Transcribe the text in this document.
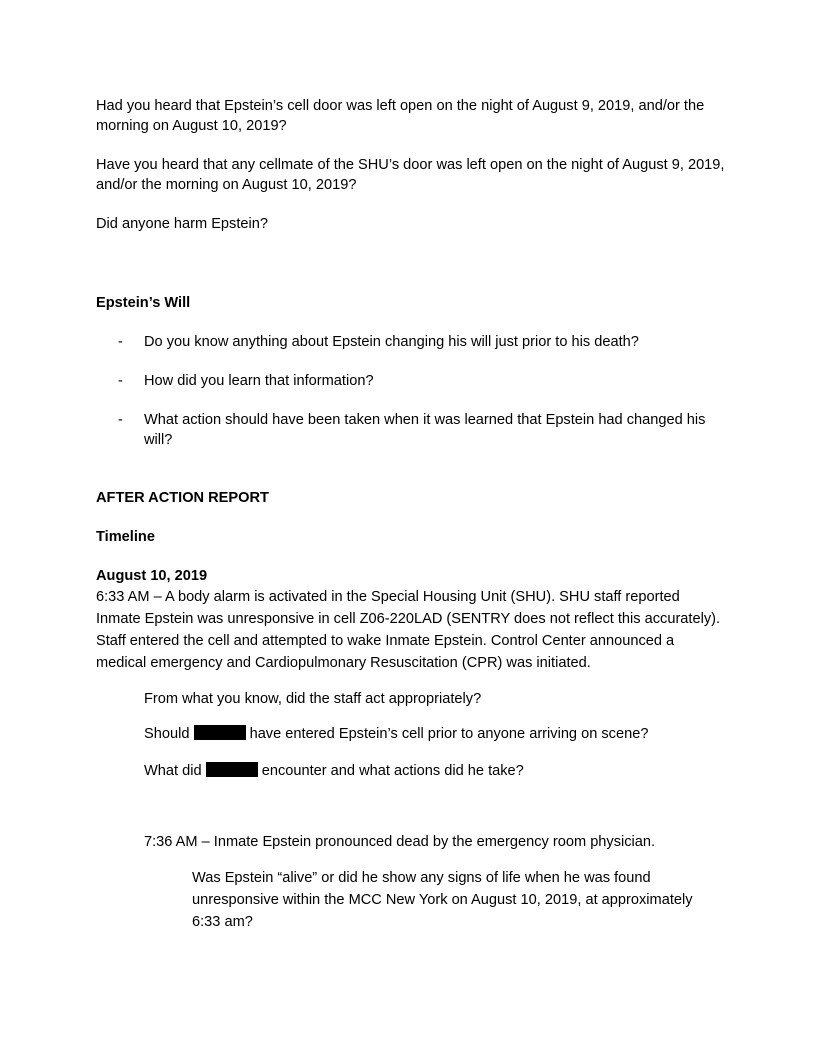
Had you heard that Epstein’s cell door was left open on the night of August 9, 2019, and/or the morning on August 10, 2019?

Have you heard that any cellmate of the SHU’s door was left open on the night of August 9, 2019, and/or the morning on August 10, 2019?

Did anyone harm Epstein?

Epstein’s Will

- Do you know anything about Epstein changing his will just prior to his death?
- How did you learn that information?
- What action should have been taken when it was learned that Epstein had changed his will?

AFTER ACTION REPORT

Timeline

August 10, 2019

6:33 AM – A body alarm is activated in the Special Housing Unit (SHU). SHU staff reported Inmate Epstein was unresponsive in cell Z06-220LAD (SENTRY does not reflect this accurately). Staff entered the cell and attempted to wake Inmate Epstein. Control Center announced a medical emergency and Cardiopulmonary Resuscitation (CPR) was initiated.

From what you know, did the staff act appropriately?

Should	have entered Epstein’s cell prior to anyone arriving on scene?

What did	encounter and what actions did he take?

7:36 AM – Inmate Epstein pronounced dead by the emergency room physician.

Was Epstein “alive” or did he show any signs of life when he was found unresponsive within the MCC New York on August 10, 2019, at approximately 6:33 am?
